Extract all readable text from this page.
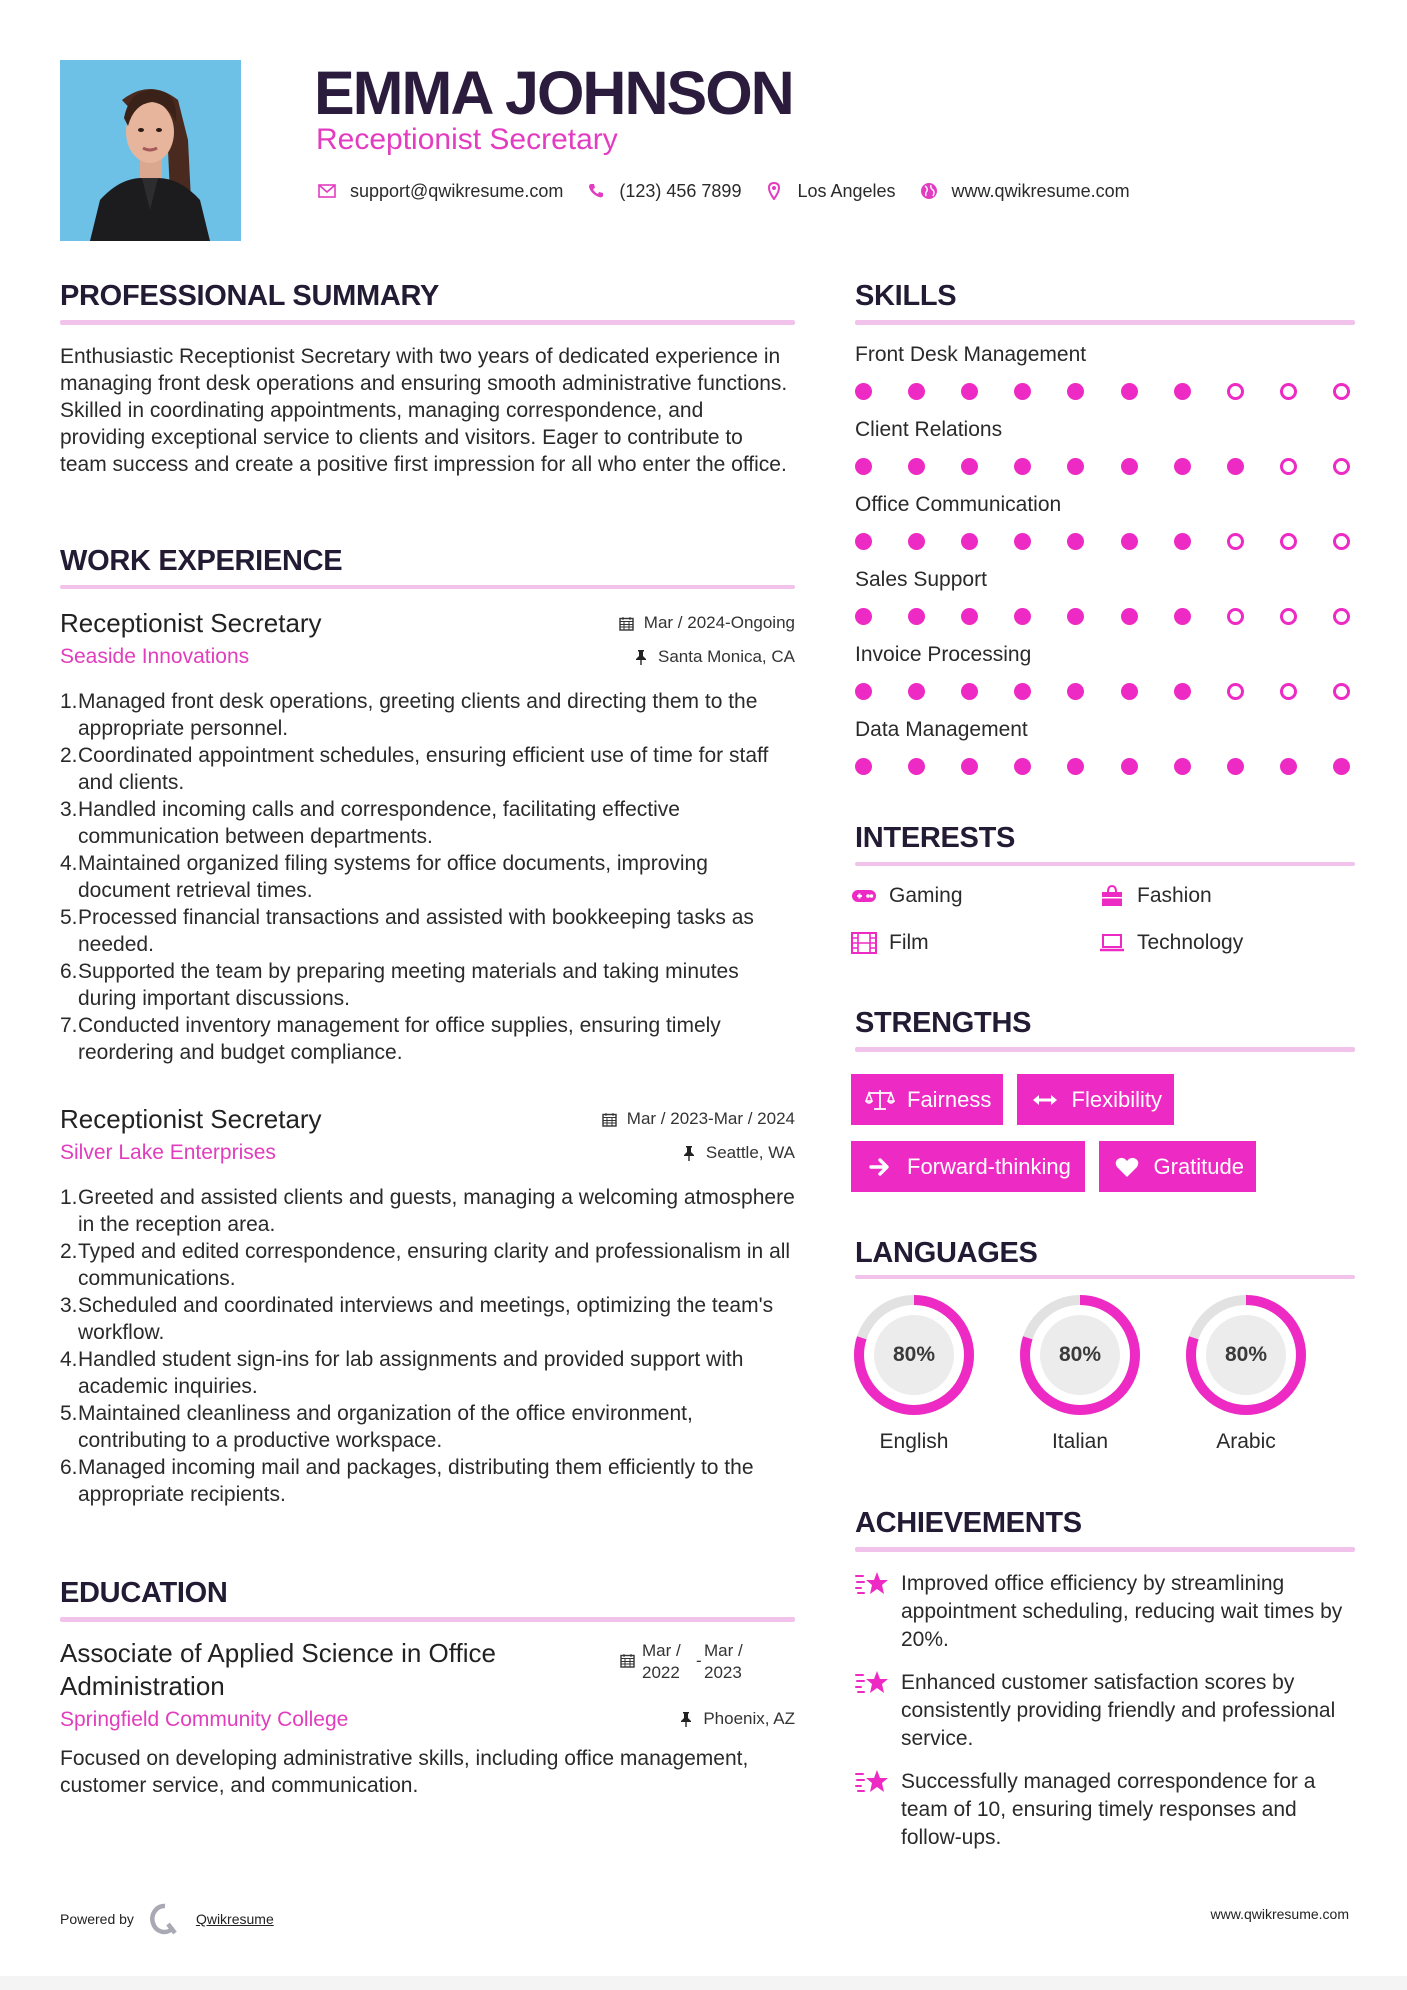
EMMA JOHNSON
Receptionist Secretary
support@qwikresume.com	(123) 456 7899	Los Angeles	www.qwikresume.com
PROFESSIONAL SUMMARY
Enthusiastic Receptionist Secretary with two years of dedicated experience in managing front desk operations and ensuring smooth administrative functions. Skilled in coordinating appointments, managing correspondence, and providing exceptional service to clients and visitors. Eager to contribute to team success and create a positive first impression for all who enter the office.
WORK EXPERIENCE
Receptionist Secretary	Mar / 2024-Ongoing
Seaside Innovations	Santa Monica, CA
1. Managed front desk operations, greeting clients and directing them to the appropriate personnel.
2. Coordinated appointment schedules, ensuring efficient use of time for staff and clients.
3. Handled incoming calls and correspondence, facilitating effective communication between departments.
4. Maintained organized filing systems for office documents, improving document retrieval times.
5. Processed financial transactions and assisted with bookkeeping tasks as needed.
6. Supported the team by preparing meeting materials and taking minutes during important discussions.
7. Conducted inventory management for office supplies, ensuring timely reordering and budget compliance.
Receptionist Secretary	Mar / 2023-Mar / 2024
Silver Lake Enterprises	Seattle, WA
1. Greeted and assisted clients and guests, managing a welcoming atmosphere in the reception area.
2. Typed and edited correspondence, ensuring clarity and professionalism in all communications.
3. Scheduled and coordinated interviews and meetings, optimizing the team's workflow.
4. Handled student sign-ins for lab assignments and provided support with academic inquiries.
5. Maintained cleanliness and organization of the office environment, contributing to a productive workspace.
6. Managed incoming mail and packages, distributing them efficiently to the appropriate recipients.
EDUCATION
Associate of Applied Science in Office Administration
Mar / 2022
-
Mar / 2023
Springfield Community College	Phoenix, AZ
Focused on developing administrative skills, including office management, customer service, and communication.
SKILLS
Front Desk Management
Client Relations
Office Communication
Sales Support
Invoice Processing
Data Management
INTERESTS
Gaming	Fashion
Film	Technology
STRENGTHS
Fairness	Flexibility
Forward-thinking	Gratitude
LANGUAGES
80%
English
80%
Italian
80%
Arabic
ACHIEVEMENTS
Improved office efficiency by streamlining appointment scheduling, reducing wait times by 20%.
Enhanced customer satisfaction scores by consistently providing friendly and professional service.
Successfully managed correspondence for a team of 10, ensuring timely responses and follow-ups.
Powered by	Qwikresume	www.qwikresume.com
